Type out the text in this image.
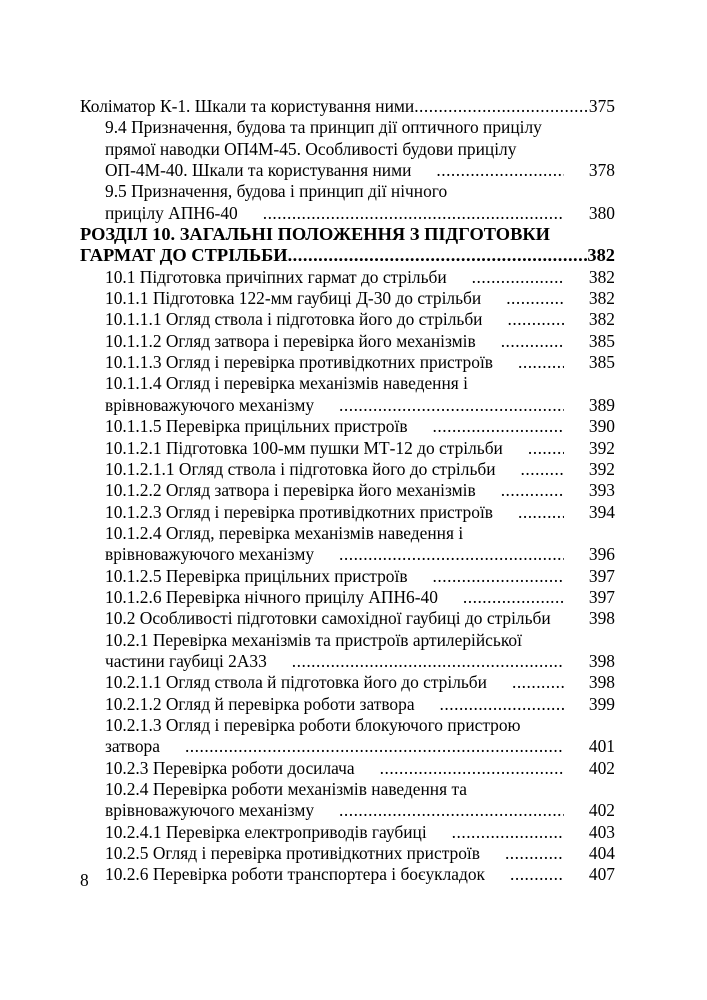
Коліматор К-1. Шкали та користування ними .....	375
9.4 Призначення, будова та принцип дії оптичного прицілу
прямої наводки ОП4М-45. Особливості будови прицілу
ОП-4М-40. Шкали та користування ними .....	378
9.5 Призначення, будова і принцип дії нічного
прицілу АПН6-40 .....	380
РОЗДІЛ 10. ЗАГАЛЬНІ ПОЛОЖЕННЯ З ПІДГОТОВКИ
ГАРМАТ ДО СТРІЛЬБИ .....	382
10.1 Підготовка причіпних гармат до стрільби .....	382
10.1.1 Підготовка 122-мм гаубиці Д-30 до стрільби .....	382
10.1.1.1 Огляд ствола і підготовка його до стрільби .....	382
10.1.1.2 Огляд затвора і перевірка його механізмів .....	385
10.1.1.3 Огляд і перевірка противідкотних пристроїв .....	385
10.1.1.4 Огляд і перевірка механізмів наведення і
врівноважуючого механізму .....	389
10.1.1.5 Перевірка прицільних пристроїв .....	390
10.1.2.1 Підготовка 100-мм пушки МТ-12 до стрільби .....	392
10.1.2.1.1 Огляд ствола і підготовка його до стрільби .....	392
10.1.2.2 Огляд затвора і перевірка його механізмів .....	393
10.1.2.3 Огляд і перевірка противідкотних пристроїв .....	394
10.1.2.4 Огляд, перевірка механізмів наведення і
врівноважуючого механізму .....	396
10.1.2.5 Перевірка прицільних пристроїв .....	397
10.1.2.6 Перевірка нічного прицілу АПН6-40 .....	397
10.2 Особливості підготовки самохідної гаубиці до стрільби .....	398
10.2.1 Перевірка механізмів та пристроїв артилерійської
частини гаубиці 2А33 .....	398
10.2.1.1 Огляд ствола й підготовка його до стрільби .....	398
10.2.1.2 Огляд й перевірка роботи затвора .....	399
10.2.1.3 Огляд і перевірка роботи блокуючого пристрою
затвора .....	401
10.2.3 Перевірка роботи досилача .....	402
10.2.4 Перевірка роботи механізмів наведення та
врівноважуючого механізму .....	402
10.2.4.1 Перевірка електроприводів гаубиці .....	403
10.2.5 Огляд і перевірка противідкотних пристроїв .....	404
10.2.6 Перевірка роботи транспортера і боєукладок .....	407
8
